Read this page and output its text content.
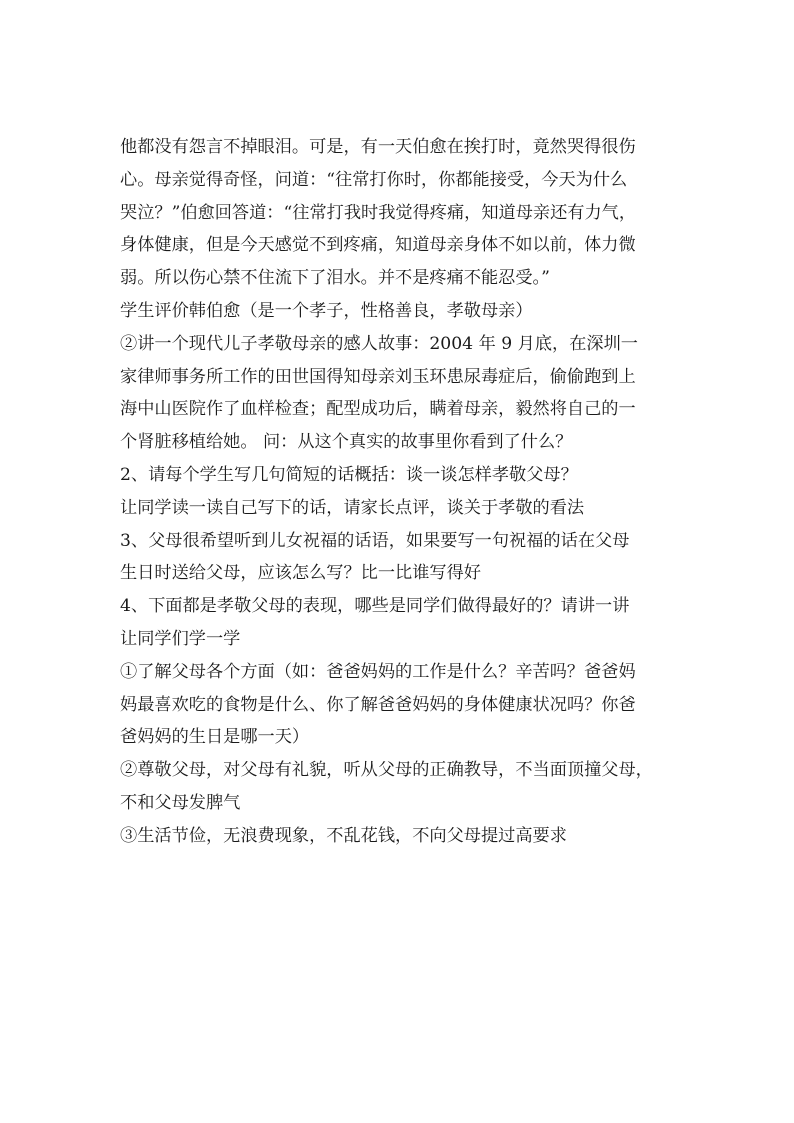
他都没有怨言不掉眼泪。可是，有一天伯愈在挨打时，竟然哭得很伤
心。母亲觉得奇怪，问道：“往常打你时，你都能接受，今天为什么
哭泣？”伯愈回答道：“往常打我时我觉得疼痛，知道母亲还有力气，
身体健康，但是今天感觉不到疼痛，知道母亲身体不如以前，体力微
弱。所以伤心禁不住流下了泪水。并不是疼痛不能忍受。”
学生评价韩伯愈（是一个孝子，性格善良，孝敬母亲）
②讲一个现代儿子孝敬母亲的感人故事：2004 年 9 月底，在深圳一
家律师事务所工作的田世国得知母亲刘玉环患尿毒症后，偷偷跑到上
海中山医院作了血样检查；配型成功后，瞒着母亲，毅然将自己的一
个肾脏移植给她。 问：从这个真实的故事里你看到了什么？
2、请每个学生写几句简短的话概括：谈一谈怎样孝敬父母？
让同学读一读自己写下的话，请家长点评，谈关于孝敬的看法
3、父母很希望听到儿女祝福的话语，如果要写一句祝福的话在父母
生日时送给父母，应该怎么写？比一比谁写得好
4、下面都是孝敬父母的表现，哪些是同学们做得最好的？请讲一讲
让同学们学一学
①了解父母各个方面（如：爸爸妈妈的工作是什么？辛苦吗？爸爸妈
妈最喜欢吃的食物是什么、你了解爸爸妈妈的身体健康状况吗？你爸
爸妈妈的生日是哪一天）
②尊敬父母，对父母有礼貌，听从父母的正确教导，不当面顶撞父母，
不和父母发脾气
③生活节俭，无浪费现象，不乱花钱，不向父母提过高要求
